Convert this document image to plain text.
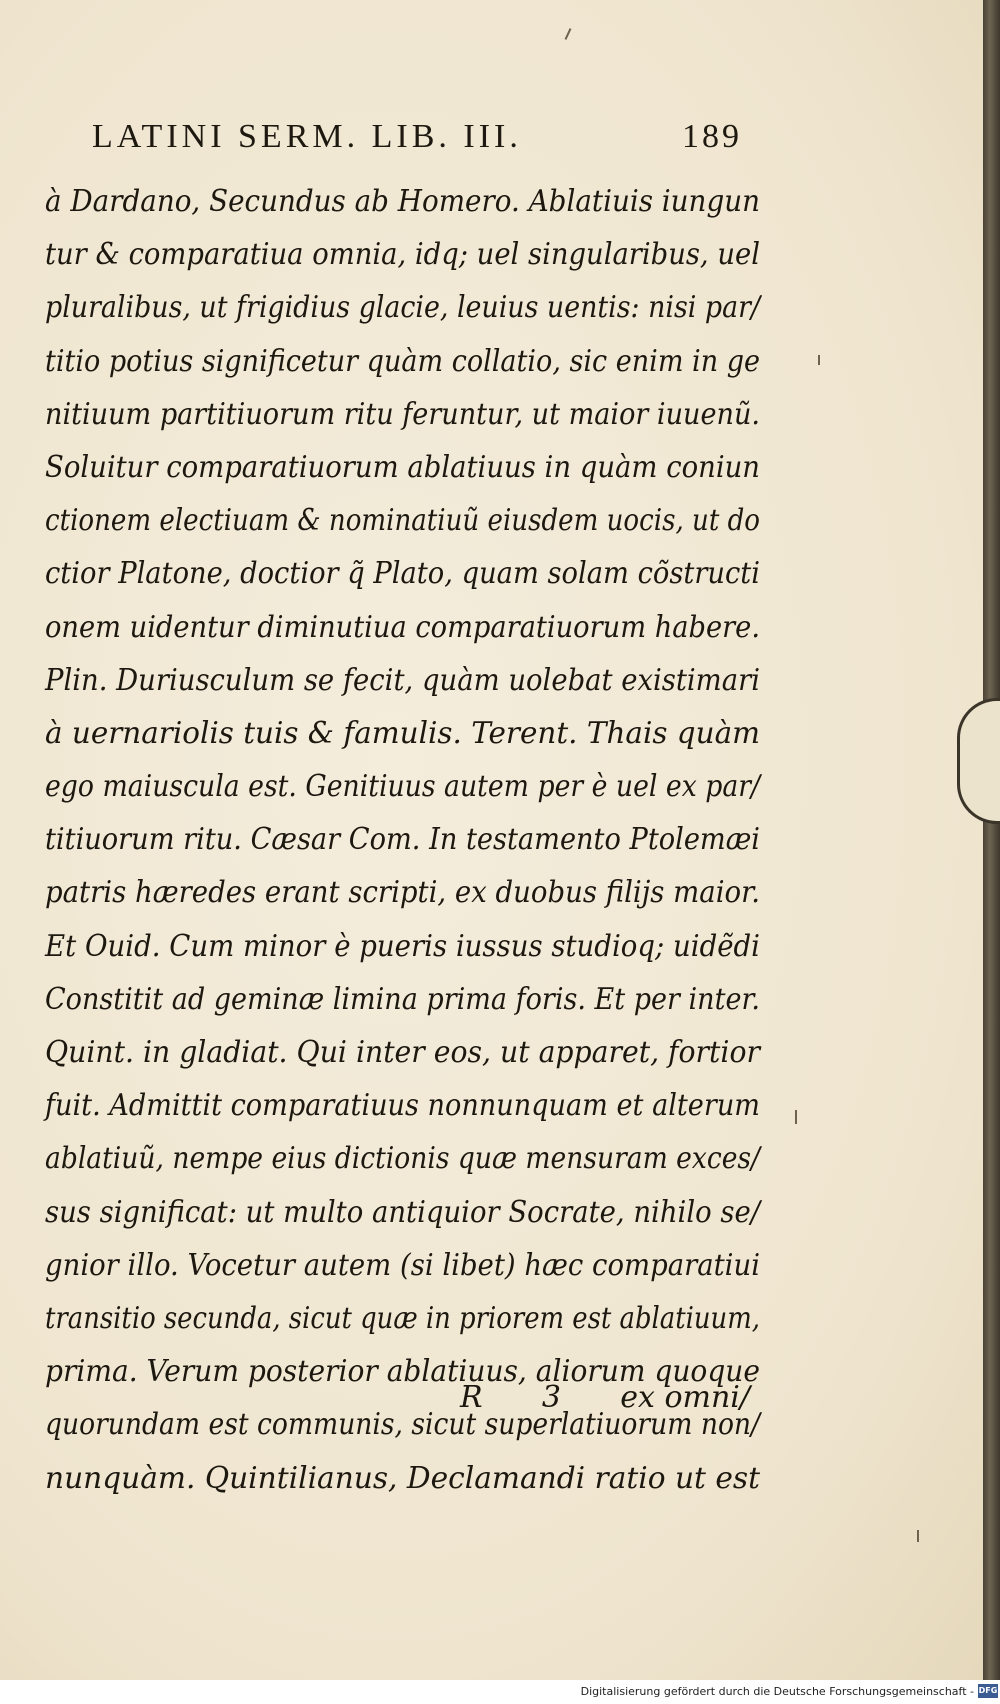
LATINI SERM. LIB. III.	189
à Dardano, Secundus ab Homero. Ablatiuis iungun
tur & comparatiua omnia, idq; uel singularibus, uel
pluralibus, ut frigidius glacie, leuius uentis: nisi par/
titio potius significetur quàm collatio, sic enim in ge
nitiuum partitiuorum ritu feruntur, ut maior iuuenũ.
Soluitur comparatiuorum ablatiuus in quàm coniun
ctionem electiuam & nominatiuũ eiusdem uocis, ut do
ctior Platone, doctior q̃ Plato, quam solam cõstructi
onem uidentur diminutiua comparatiuorum habere.
Plin. Duriusculum se fecit, quàm uolebat existimari
à uernariolis tuis & famulis. Terent. Thais quàm
ego maiuscula est. Genitiuus autem per è uel ex par/
titiuorum ritu. Cæsar Com. In testamento Ptolemæi
patris hæredes erant scripti, ex duobus filijs maior.
Et Ouid. Cum minor è pueris iussus studioq; uidẽdi
Constitit ad geminæ limina prima foris. Et per inter.
Quint. in gladiat. Qui inter eos, ut apparet, fortior
fuit. Admittit comparatiuus nonnunquam et alterum
ablatiuũ, nempe eius dictionis quæ mensuram exces/
sus significat: ut multo antiquior Socrate, nihilo se/
gnior illo. Vocetur autem (si libet) hæc comparatiui
transitio secunda, sicut quæ in priorem est ablatiuum,
prima. Verum posterior ablatiuus, aliorum quoque
quorundam est communis, sicut superlatiuorum non/
nunquàm. Quintilianus, Declamandi ratio ut est
R 3 ex omni/
Digitalisierung gefördert durch die Deutsche Forschungsgemeinschaft - DFG
